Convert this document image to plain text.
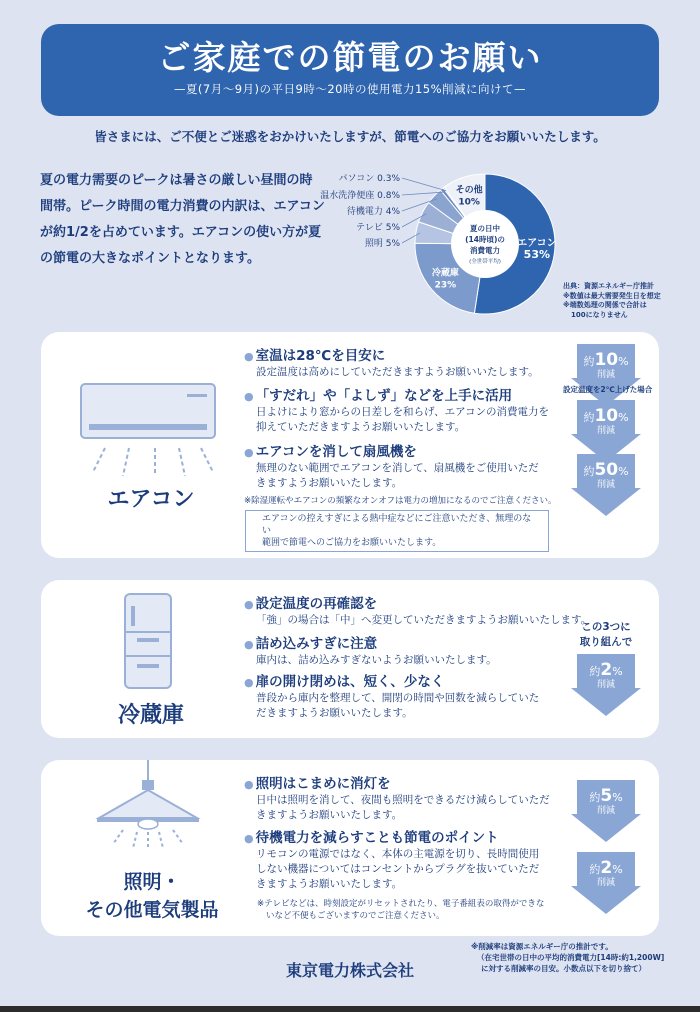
ご家庭での節電のお願い
—夏(7月〜9月)の平日9時〜20時の使用電力15%削減に向けて—
皆さまには、ご不便とご迷惑をおかけいたしますが、節電へのご協力をお願いいたします。
夏の電力需要のピークは暑さの厳しい昼間の時間帯。ピーク時間の電力消費の内訳は、エアコンが約1/2を占めています。エアコンの使い方が夏の節電の大きなポイントとなります。
夏の日中
(14時頃)の
消費電力
(全世帯平均)
エアコン
53%
冷蔵庫
23%
照明 5%
テレビ 5%
待機電力 4%
温水洗浄便座 0.8%
パソコン 0.3%
その他
10%
出典：資源エネルギー庁推計
※数値は最大需要発生日を想定
※端数処理の関係で合計は
100になりません
エアコン
● 室温は28℃を目安に
設定温度は高めにしていただきますようお願いいたします。
● 「すだれ」や「よしず」などを上手に活用
日よけにより窓からの日差しを和らげ、エアコンの消費電力を
抑えていただきますようお願いいたします。
● エアコンを消して扇風機を
無理のない範囲でエアコンを消して、扇風機をご使用いただ
きますようお願いいたします。
※除湿運転やエアコンの頻繁なオンオフは電力の増加になるのでご注意ください。
エアコンの控えすぎによる熱中症などにご注意いただき、無理のない
範囲で節電へのご協力をお願いいたします。
約10%
削減
設定温度を2℃上げた場合
約10%
削減
約50%
削減
冷蔵庫
● 設定温度の再確認を
「強」の場合は「中」へ変更していただきますようお願いいたします。
● 詰め込みすぎに注意
庫内は、詰め込みすぎないようお願いいたします。
● 扉の開け閉めは、短く、少なく
普段から庫内を整理して、開閉の時間や回数を減らしていた
だきますようお願いいたします。
この3つに
取り組んで
約2%
削減
照明・
その他電気製品
● 照明はこまめに消灯を
日中は照明を消して、夜間も照明をできるだけ減らしていただ
きますようお願いいたします。
● 待機電力を減らすことも節電のポイント
リモコンの電源ではなく、本体の主電源を切り、長時間使用
しない機器についてはコンセントからプラグを抜いていただ
きますようお願いいたします。
※テレビなどは、時刻設定がリセットされたり、電子番組表の取得ができな
いなど不便もございますのでご注意ください。
約5%
削減
約2%
削減
※削減率は資源エネルギー庁の推計です。
（在宅世帯の日中の平均的消費電力[14時:約1,200W]
に対する削減率の目安。小数点以下を切り捨て）
東京電力株式会社
